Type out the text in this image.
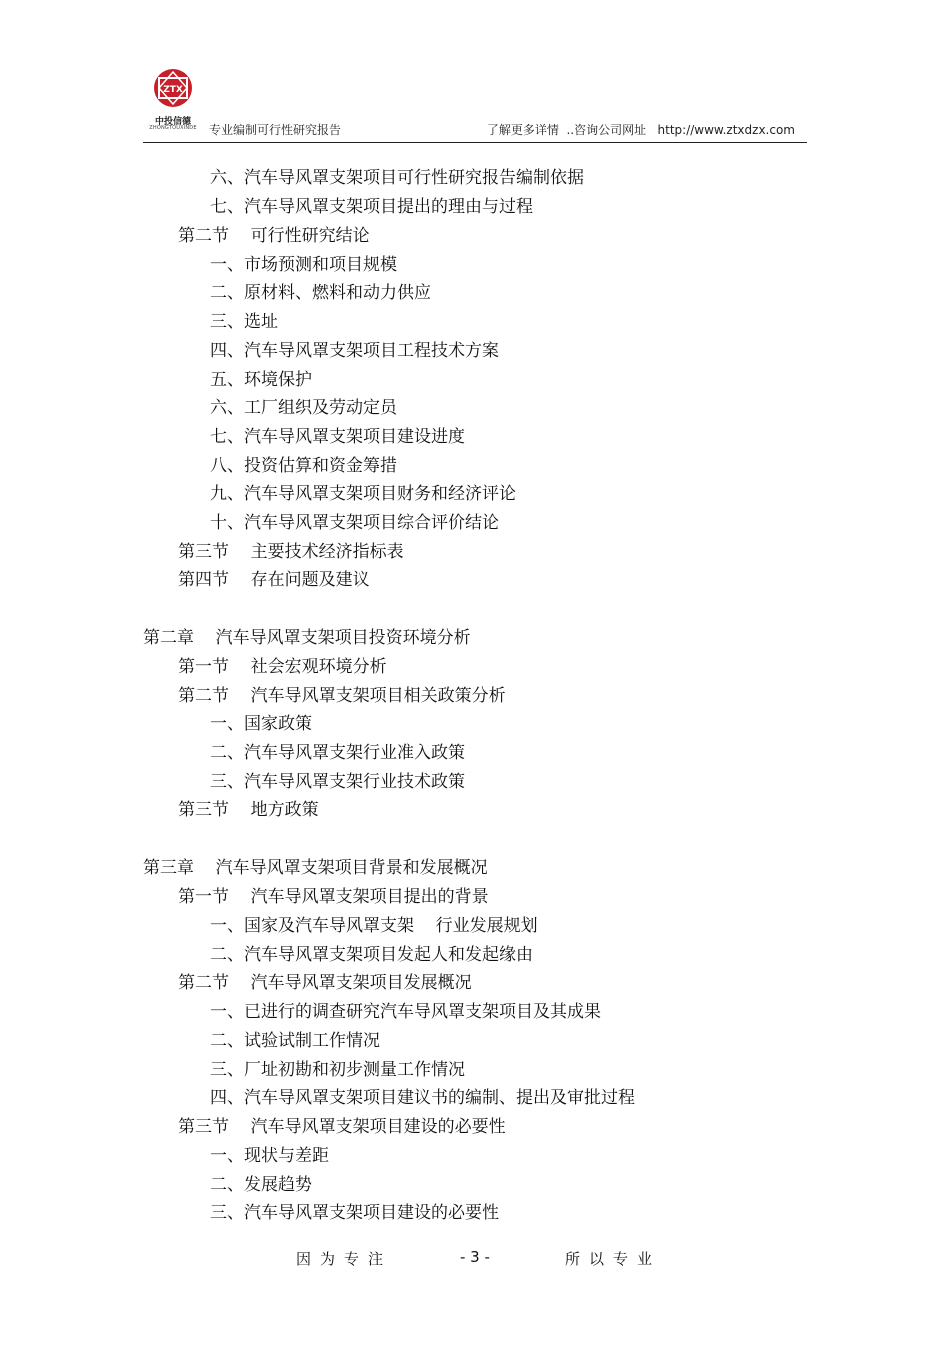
ZTX
中投信德
ZHONGTOUXINDE	专业编制可行性研究报告	了解更多详情  ..咨询公司网址   http://www.ztxdzx.com
六、汽车导风罩支架项目可行性研究报告编制依据
七、汽车导风罩支架项目提出的理由与过程
第二节    可行性研究结论
一、市场预测和项目规模
二、原材料、燃料和动力供应
三、选址
四、汽车导风罩支架项目工程技术方案
五、环境保护
六、工厂组织及劳动定员
七、汽车导风罩支架项目建设进度
八、投资估算和资金筹措
九、汽车导风罩支架项目财务和经济评论
十、汽车导风罩支架项目综合评价结论
第三节    主要技术经济指标表
第四节    存在问题及建议
第二章    汽车导风罩支架项目投资环境分析
第一节    社会宏观环境分析
第二节    汽车导风罩支架项目相关政策分析
一、国家政策
二、汽车导风罩支架行业准入政策
三、汽车导风罩支架行业技术政策
第三节    地方政策
第三章    汽车导风罩支架项目背景和发展概况
第一节    汽车导风罩支架项目提出的背景
一、国家及汽车导风罩支架    行业发展规划
二、汽车导风罩支架项目发起人和发起缘由
第二节    汽车导风罩支架项目发展概况
一、已进行的调查研究汽车导风罩支架项目及其成果
二、试验试制工作情况
三、厂址初勘和初步测量工作情况
四、汽车导风罩支架项目建议书的编制、提出及审批过程
第三节    汽车导风罩支架项目建设的必要性
一、现状与差距
二、发展趋势
三、汽车导风罩支架项目建设的必要性
因为专注	- 3 -	所以专业
